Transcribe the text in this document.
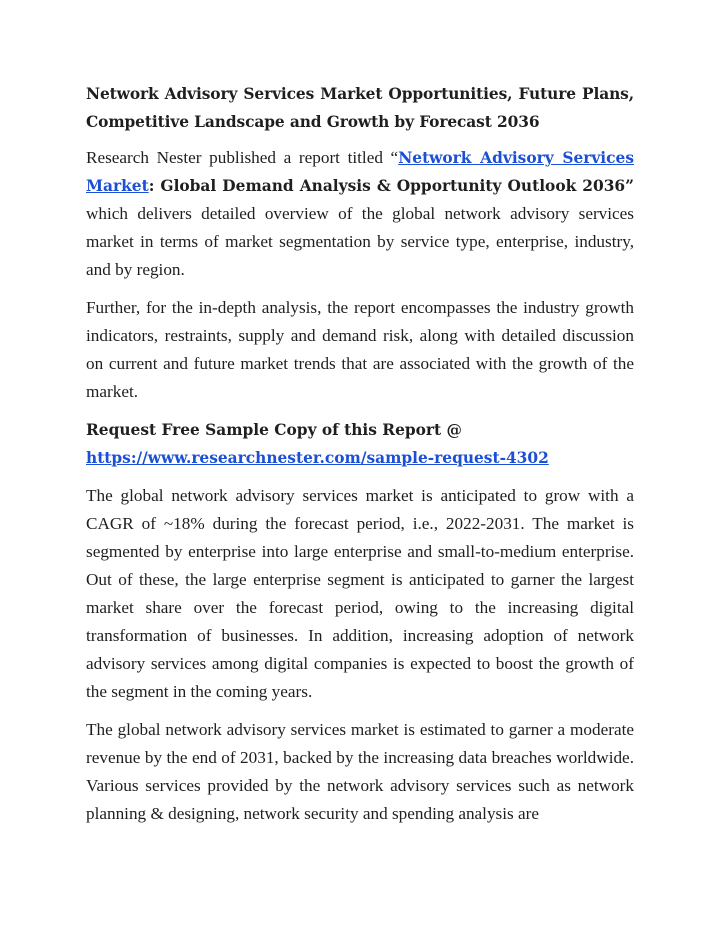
Network Advisory Services Market Opportunities, Future Plans, Competitive Landscape and Growth by Forecast 2036

Research Nester published a report titled “Network Advisory Services Market: Global Demand Analysis & Opportunity Outlook 2036” which delivers detailed overview of the global network advisory services market in terms of market segmentation by service type, enterprise, industry, and by region.

Further, for the in-depth analysis, the report encompasses the industry growth indicators, restraints, supply and demand risk, along with detailed discussion on current and future market trends that are associated with the growth of the market.

Request Free Sample Copy of this Report @
https://www.researchnester.com/sample-request-4302

The global network advisory services market is anticipated to grow with a CAGR of ~18% during the forecast period, i.e., 2022-2031. The market is segmented by enterprise into large enterprise and small-to-medium enterprise. Out of these, the large enterprise segment is anticipated to garner the largest market share over the forecast period, owing to the increasing digital transformation of businesses. In addition, increasing adoption of network advisory services among digital companies is expected to boost the growth of the segment in the coming years.

The global network advisory services market is estimated to garner a moderate revenue by the end of 2031, backed by the increasing data breaches worldwide. Various services provided by the network advisory services such as network planning & designing, network security and spending analysis are
